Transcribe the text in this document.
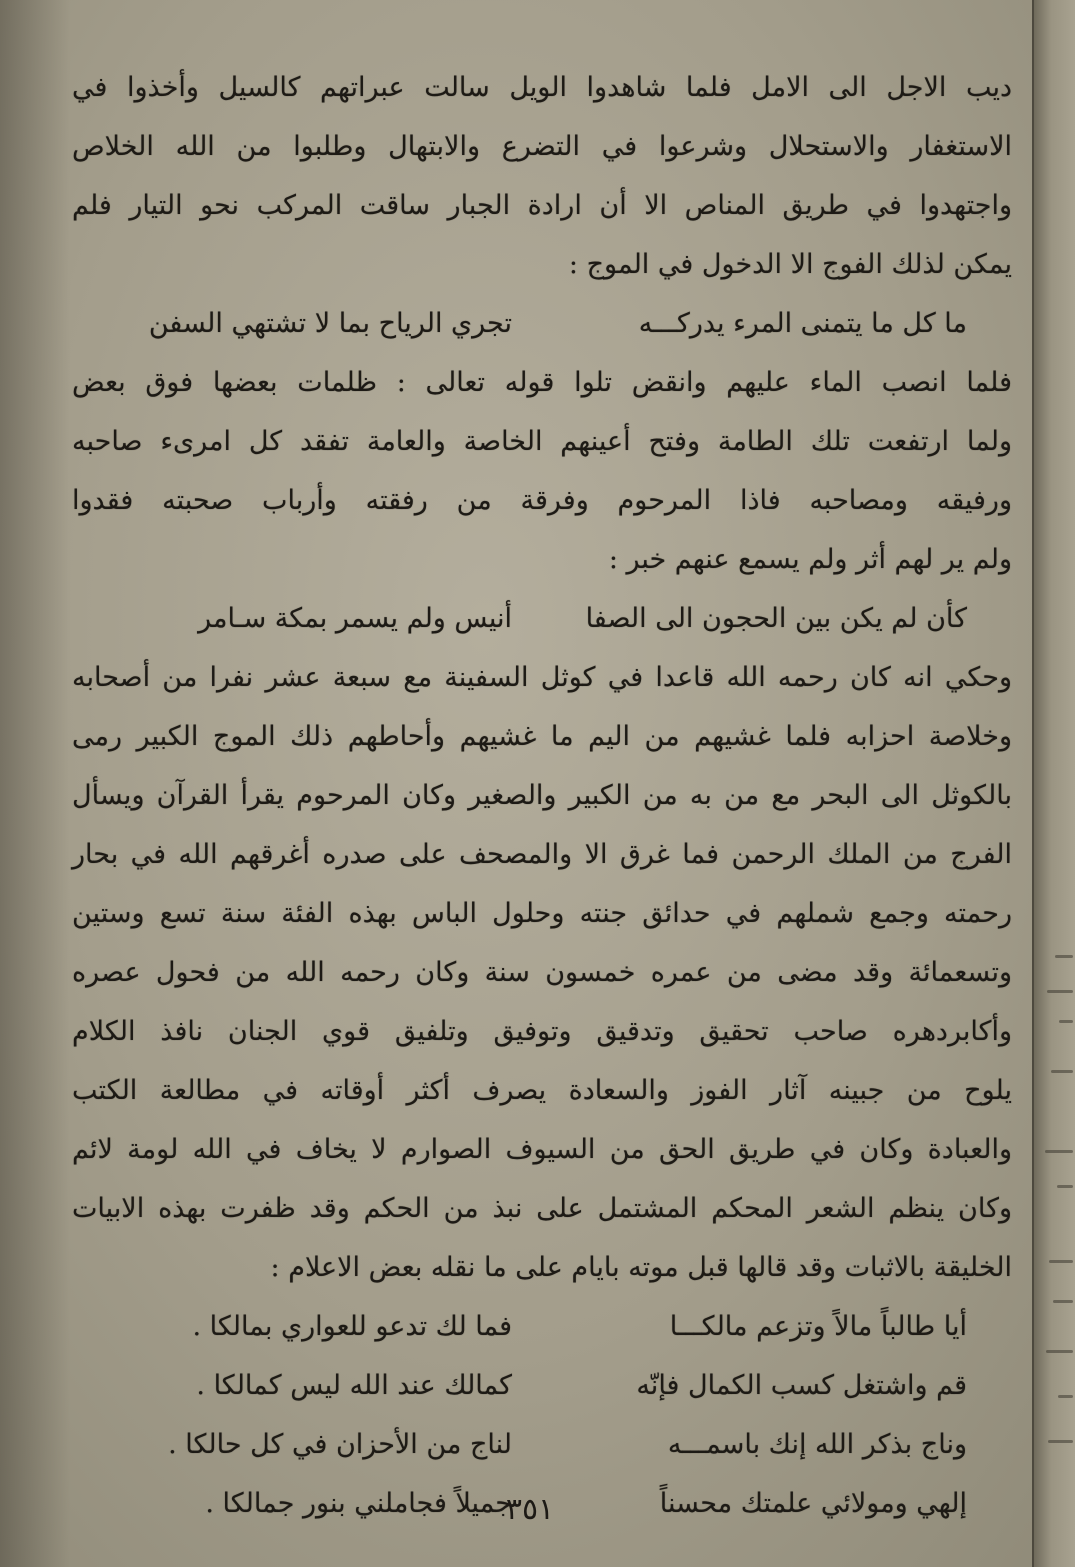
ديب الاجل الى الامل فلما شاهدوا الويل سالت عبراتهم كالسيل وأخذوا في
الاستغفار والاستحلال وشرعوا في التضرع والابتهال وطلبوا من الله الخلاص
واجتهدوا في طريق المناص الا أن ارادة الجبار ساقت المركب نحو التيار فلم
يمكن لذلك الفوج الا الدخول في الموج :
ما كل ما يتمنى المرء يدركـــه
تجري الرياح بما لا تشتهي السفن
فلما انصب الماء عليهم وانقض تلوا قوله تعالى : ظلمات بعضها فوق بعض
ولما ارتفعت تلك الطامة وفتح أعينهم الخاصة والعامة تفقد كل امرىء صاحبه
ورفيقه ومصاحبه فاذا المرحوم وفرقة من رفقته وأرباب صحبته فقدوا
ولم ير لهم أثر ولم يسمع عنهم خبر :
كأن لم يكن بين الحجون الى الصفا
أنيس ولم يسمر بمكة سـامر
وحكي انه كان رحمه الله قاعدا في كوثل السفينة مع سبعة عشر نفرا من أصحابه
وخلاصة احزابه فلما غشيهم من اليم ما غشيهم وأحاطهم ذلك الموج الكبير رمى
بالكوثل الى البحر مع من به من الكبير والصغير وكان المرحوم يقرأ القرآن ويسأل
الفرج من الملك الرحمن فما غرق الا والمصحف على صدره أغرقهم الله في بحار
رحمته وجمع شملهم في حدائق جنته وحلول الباس بهذه الفئة سنة تسع وستين
وتسعمائة وقد مضى من عمره خمسون سنة وكان رحمه الله من فحول عصره
وأكابردهره صاحب تحقيق وتدقيق وتوفيق وتلفيق قوي الجنان نافذ الكلام
يلوح من جبينه آثار الفوز والسعادة يصرف أكثر أوقاته في مطالعة الكتب
والعبادة وكان في طريق الحق من السيوف الصوارم لا يخاف في الله لومة لائم
وكان ينظم الشعر المحكم المشتمل على نبذ من الحكم وقد ظفرت بهذه الابيات
الخليقة بالاثبات وقد قالها قبل موته بايام على ما نقله بعض الاعلام :
أيا طالباً مالاً وتزعم مالكـــا
فما لك تدعو للعواري بمالكا .
قم واشتغل كسب الكمال فإنّه
كمالك عند الله ليس كمالكا .
وناج بذكر الله إنك باسمـــه
لناج من الأحزان في كل حالكا .
إلهي ومولائي علمتك محسناً
جميلاً فجاملني بنور جمالكا .
٣٥١
